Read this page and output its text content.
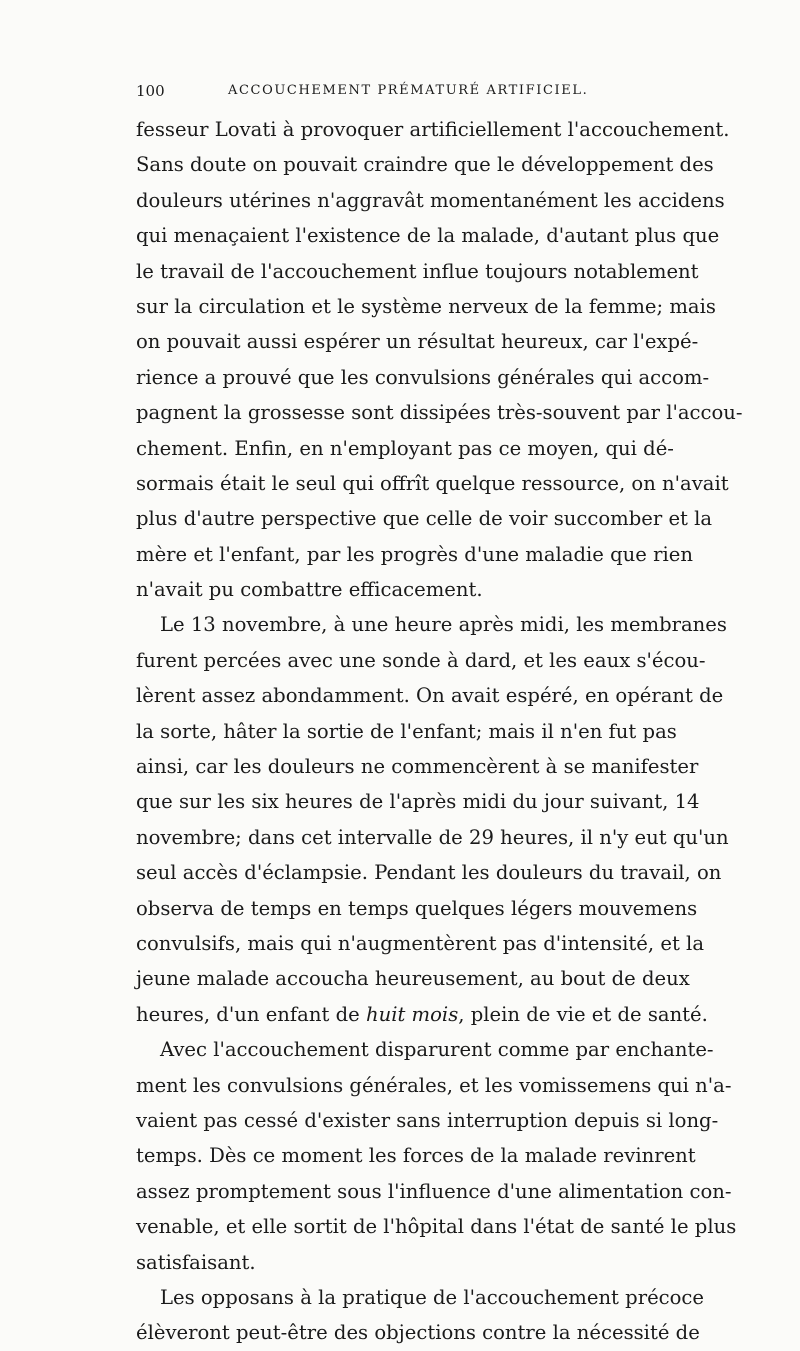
100	ACCOUCHEMENT PRÉMATURÉ ARTIFICIEL.
fesseur Lovati à provoquer artificiellement l'accouchement.
Sans doute on pouvait craindre que le développement des
douleurs utérines n'aggravât momentanément les accidens
qui menaçaient l'existence de la malade, d'autant plus que
le travail de l'accouchement influe toujours notablement
sur la circulation et le système nerveux de la femme; mais
on pouvait aussi espérer un résultat heureux, car l'expé-
rience a prouvé que les convulsions générales qui accom-
pagnent la grossesse sont dissipées très-souvent par l'accou-
chement. Enfin, en n'employant pas ce moyen, qui dé-
sormais était le seul qui offrît quelque ressource, on n'avait
plus d'autre perspective que celle de voir succomber et la
mère et l'enfant, par les progrès d'une maladie que rien
n'avait pu combattre efficacement.
Le 13 novembre, à une heure après midi, les membranes
furent percées avec une sonde à dard, et les eaux s'écou-
lèrent assez abondamment. On avait espéré, en opérant de
la sorte, hâter la sortie de l'enfant; mais il n'en fut pas
ainsi, car les douleurs ne commencèrent à se manifester
que sur les six heures de l'après midi du jour suivant, 14
novembre; dans cet intervalle de 29 heures, il n'y eut qu'un
seul accès d'éclampsie. Pendant les douleurs du travail, on
observa de temps en temps quelques légers mouvemens
convulsifs, mais qui n'augmentèrent pas d'intensité, et la
jeune malade accoucha heureusement, au bout de deux
heures, d'un enfant de huit mois, plein de vie et de santé.
Avec l'accouchement disparurent comme par enchante-
ment les convulsions générales, et les vomissemens qui n'a-
vaient pas cessé d'exister sans interruption depuis si long-
temps. Dès ce moment les forces de la malade revinrent
assez promptement sous l'influence d'une alimentation con-
venable, et elle sortit de l'hôpital dans l'état de santé le plus
satisfaisant.
Les opposans à la pratique de l'accouchement précoce
élèveront peut-être des objections contre la nécessité de
